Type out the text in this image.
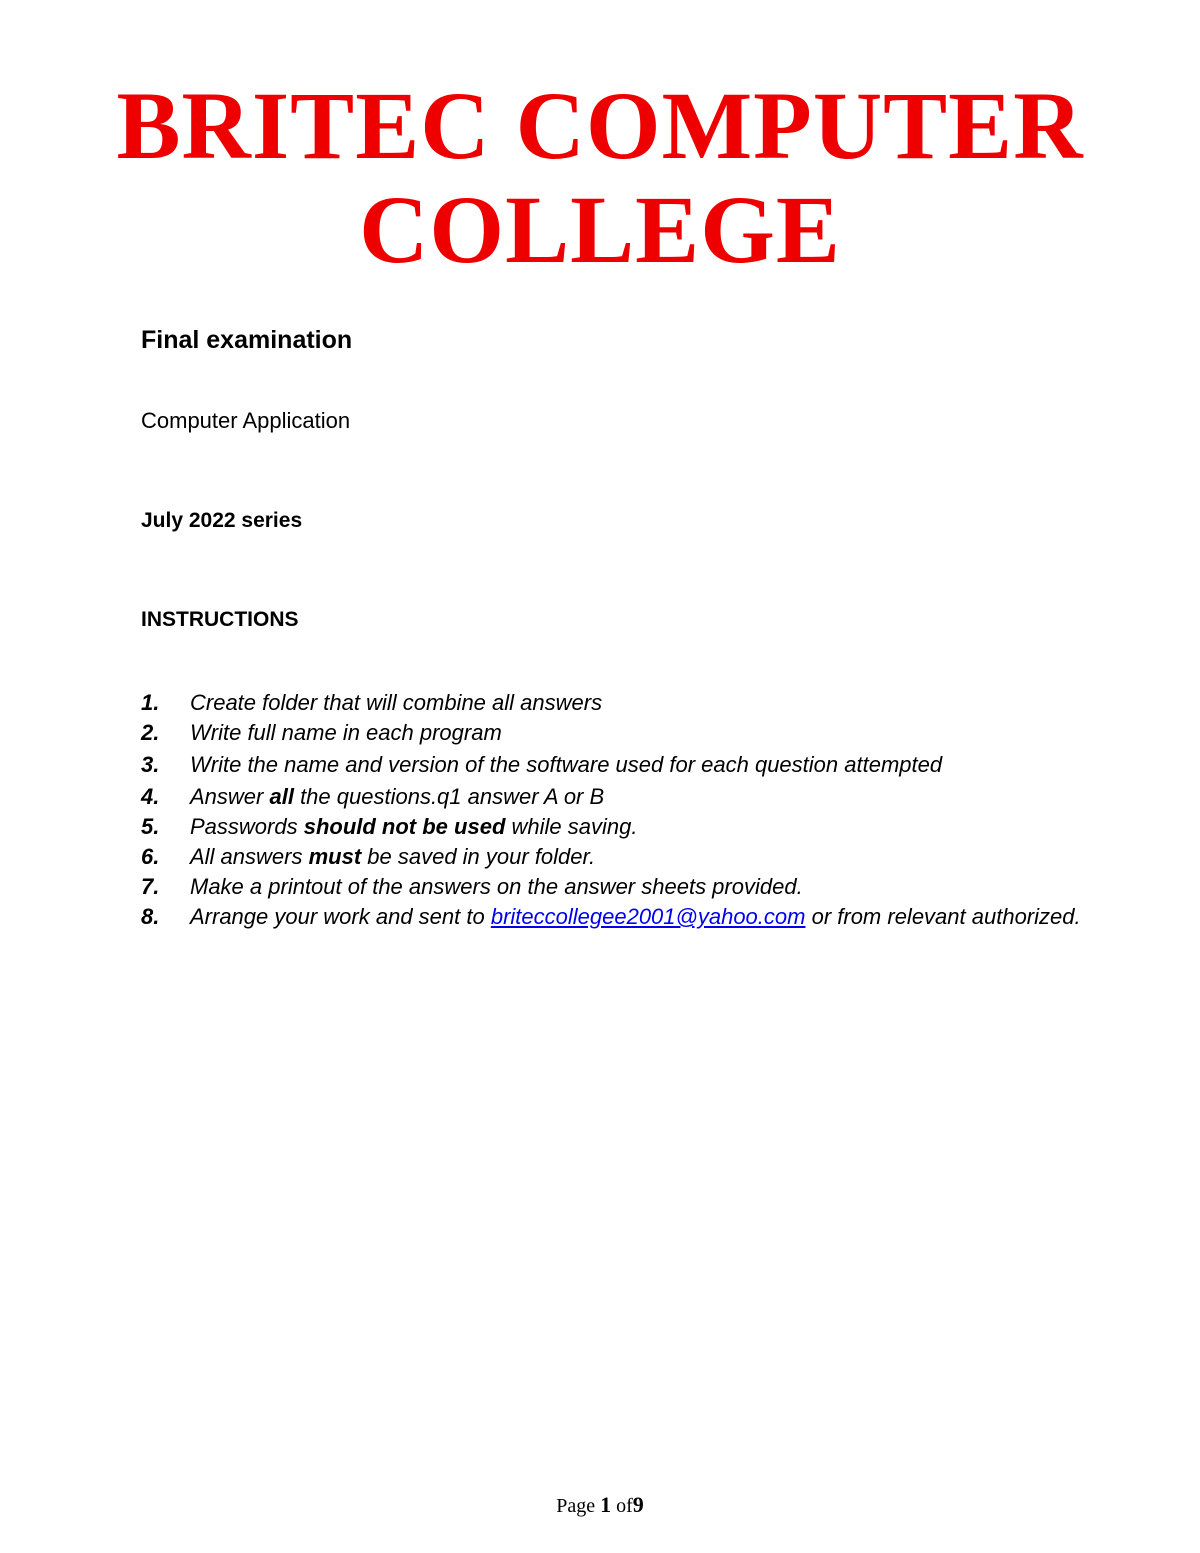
BRITEC COMPUTER
COLLEGE
Final examination
Computer Application
July 2022 series
INSTRUCTIONS
1. Create folder that will combine all answers
2. Write full name in each program
3. Write the name and version of the software used for each question attempted
4. Answer all the questions.q1 answer A or B
5. Passwords should not be used while saving.
6. All answers must be saved in your folder.
7. Make a printout of the answers on the answer sheets provided.
8. Arrange your work and sent to briteccollegee2001@yahoo.com or from relevant authorized.
Page 1 of9
